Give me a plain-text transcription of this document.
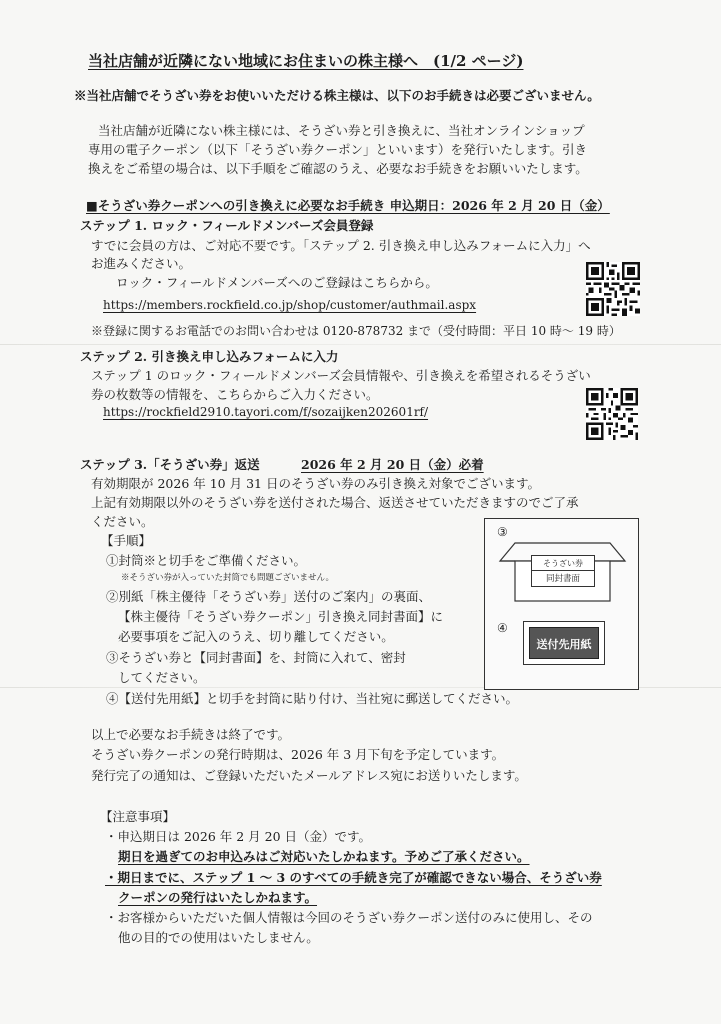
当社店舗が近隣にない地域にお住まいの株主様へ　(1/2 ページ)
※当社店舗でそうざい券をお使いいただける株主様は、以下のお手続きは必要ございません。
当社店舗が近隣にない株主様には、そうざい券と引き換えに、当社オンラインショップ
専用の電子クーポン（以下「そうざい券クーポン」といいます）を発行いたします。引き
換えをご希望の場合は、以下手順をご確認のうえ、必要なお手続きをお願いいたします。
■そうざい券クーポンへの引き換えに必要なお手続き 申込期日：2026 年 2 月 20 日（金）
ステップ 1. ロック・フィールドメンバーズ会員登録
すでに会員の方は、ご対応不要です。「ステップ 2. 引き換え申し込みフォームに入力」へ
お進みください。
ロック・フィールドメンバーズへのご登録はこちらから。
https://members.rockfield.co.jp/shop/customer/authmail.aspx
※登録に関するお電話でのお問い合わせは 0120-878732 まで（受付時間：平日 10 時～ 19 時）
ステップ 2. 引き換え申し込みフォームに入力
ステップ 1 のロック・フィールドメンバーズ会員情報や、引き換えを希望されるそうざい
券の枚数等の情報を、こちらからご入力ください。
https://rockfield2910.tayori.com/f/sozaijken202601rf/
ステップ 3.「そうざい券」返送	2026 年 2 月 20 日（金）必着
有効期限が 2026 年 10 月 31 日のそうざい券のみ引き換え対象でございます。
上記有効期限以外のそうざい券を送付された場合、返送させていただきますのでご了承
ください。
【手順】
①封筒※と切手をご準備ください。
※そうざい券が入っていた封筒でも問題ございません。
②別紙「株主優待「そうざい券」送付のご案内」の裏面、
【株主優待「そうざい券クーポン」引き換え同封書面】に
必要事項をご記入のうえ、切り離してください。
③そうざい券と【同封書面】を、封筒に入れて、密封
してください。
④【送付先用紙】と切手を封筒に貼り付け、当社宛に郵送してください。
③
そうざい券
同封書面
④
送付先用紙
以上で必要なお手続きは終了です。
そうざい券クーポンの発行時期は、2026 年 3 月下旬を予定しています。
発行完了の通知は、ご登録いただいたメールアドレス宛にお送りいたします。
【注意事項】
・申込期日は 2026 年 2 月 20 日（金）です。
期日を過ぎてのお申込みはご対応いたしかねます。予めご了承ください。
・期日までに、ステップ 1 ～ 3 のすべての手続き完了が確認できない場合、そうざい券
クーポンの発行はいたしかねます。
・お客様からいただいた個人情報は今回のそうざい券クーポン送付のみに使用し、その
他の目的での使用はいたしません。
